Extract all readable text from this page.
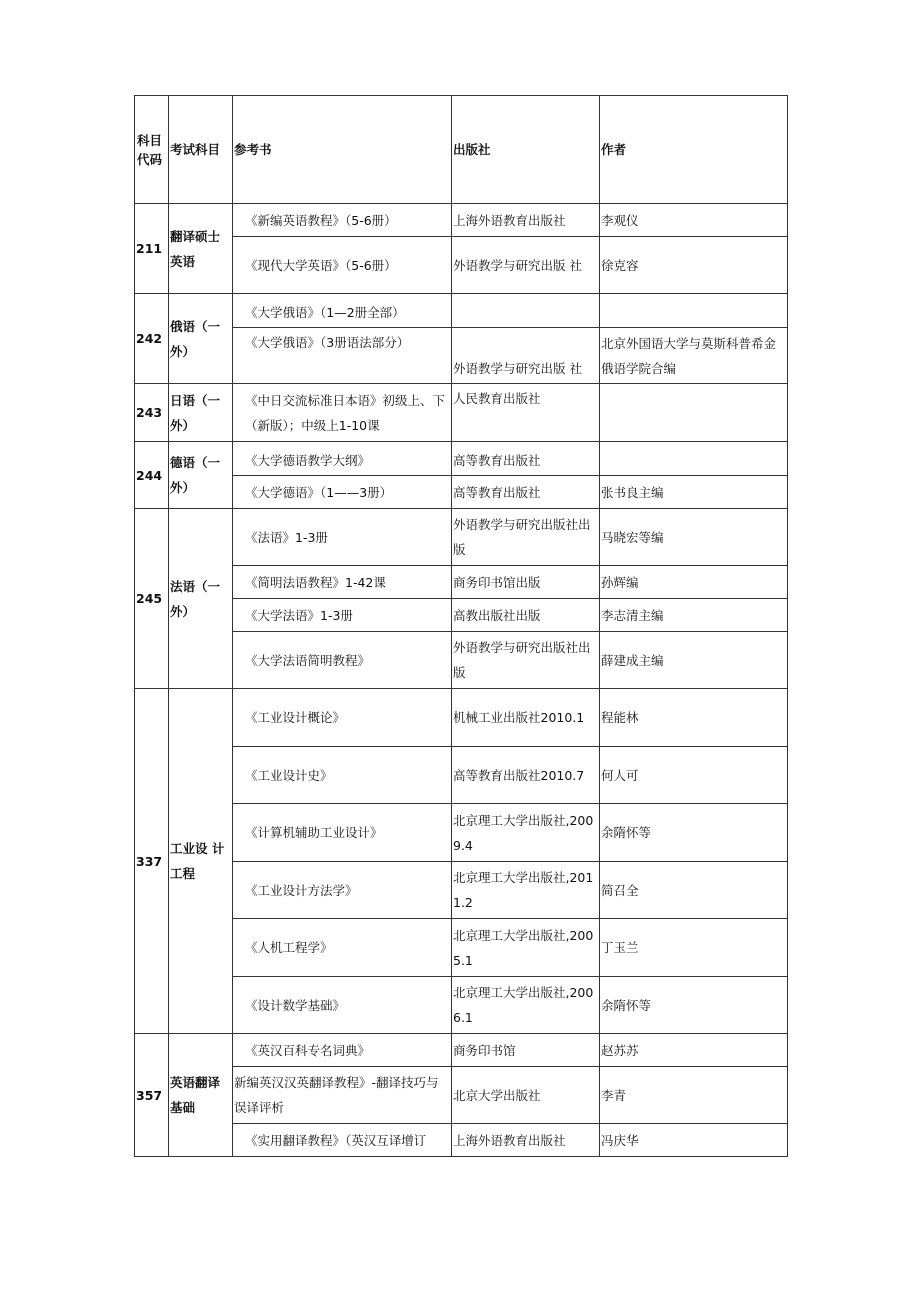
科目代码	考试科目	参考书	出版社	作者
211	翻译硕士英语	《新编英语教程》（5-6册）	上海外语教育出版社	李观仪
		《现代大学英语》（5-6册）	外语教学与研究出版 社	徐克容
242	俄语（一外）	《大学俄语》（1—2册全部）		
		《大学俄语》（3册语法部分）	外语教学与研究出版 社	北京外国语大学与莫斯科普希金俄语学院合编
243	日语（一外）	《中日交流标准日本语》初级上、下（新版）；中级上1-10课	人民教育出版社	
244	德语（一外）	《大学德语教学大纲》	高等教育出版社	
		《大学德语》（1——3册）	高等教育出版社	张书良主编
245	法语（一外）	《法语》1-3册	外语教学与研究出版社出版	马晓宏等编
		《简明法语教程》1-42课	商务印书馆出版	孙辉编
		《大学法语》1-3册	高教出版社出版	李志清主编
		《大学法语简明教程》	外语教学与研究出版社出版	薛建成主编
337	工业设 计工程	《工业设计概论》	机械工业出版社2010.1	程能林
		《工业设计史》	高等教育出版社2010.7	何人可
		《计算机辅助工业设计》	北京理工大学出版社,2009.4	余隋怀等
		《工业设计方法学》	北京理工大学出版社,2011.2	简召全
		《人机工程学》	北京理工大学出版社,2005.1	丁玉兰
		《设计数学基础》	北京理工大学出版社,2006.1	余隋怀等
357	英语翻译基础	《英汉百科专名词典》	商务印书馆	赵苏苏
		新编英汉汉英翻译教程》-翻译技巧与误译评析	北京大学出版社	李青
		《实用翻译教程》（英汉互译增订	上海外语教育出版社	冯庆华
